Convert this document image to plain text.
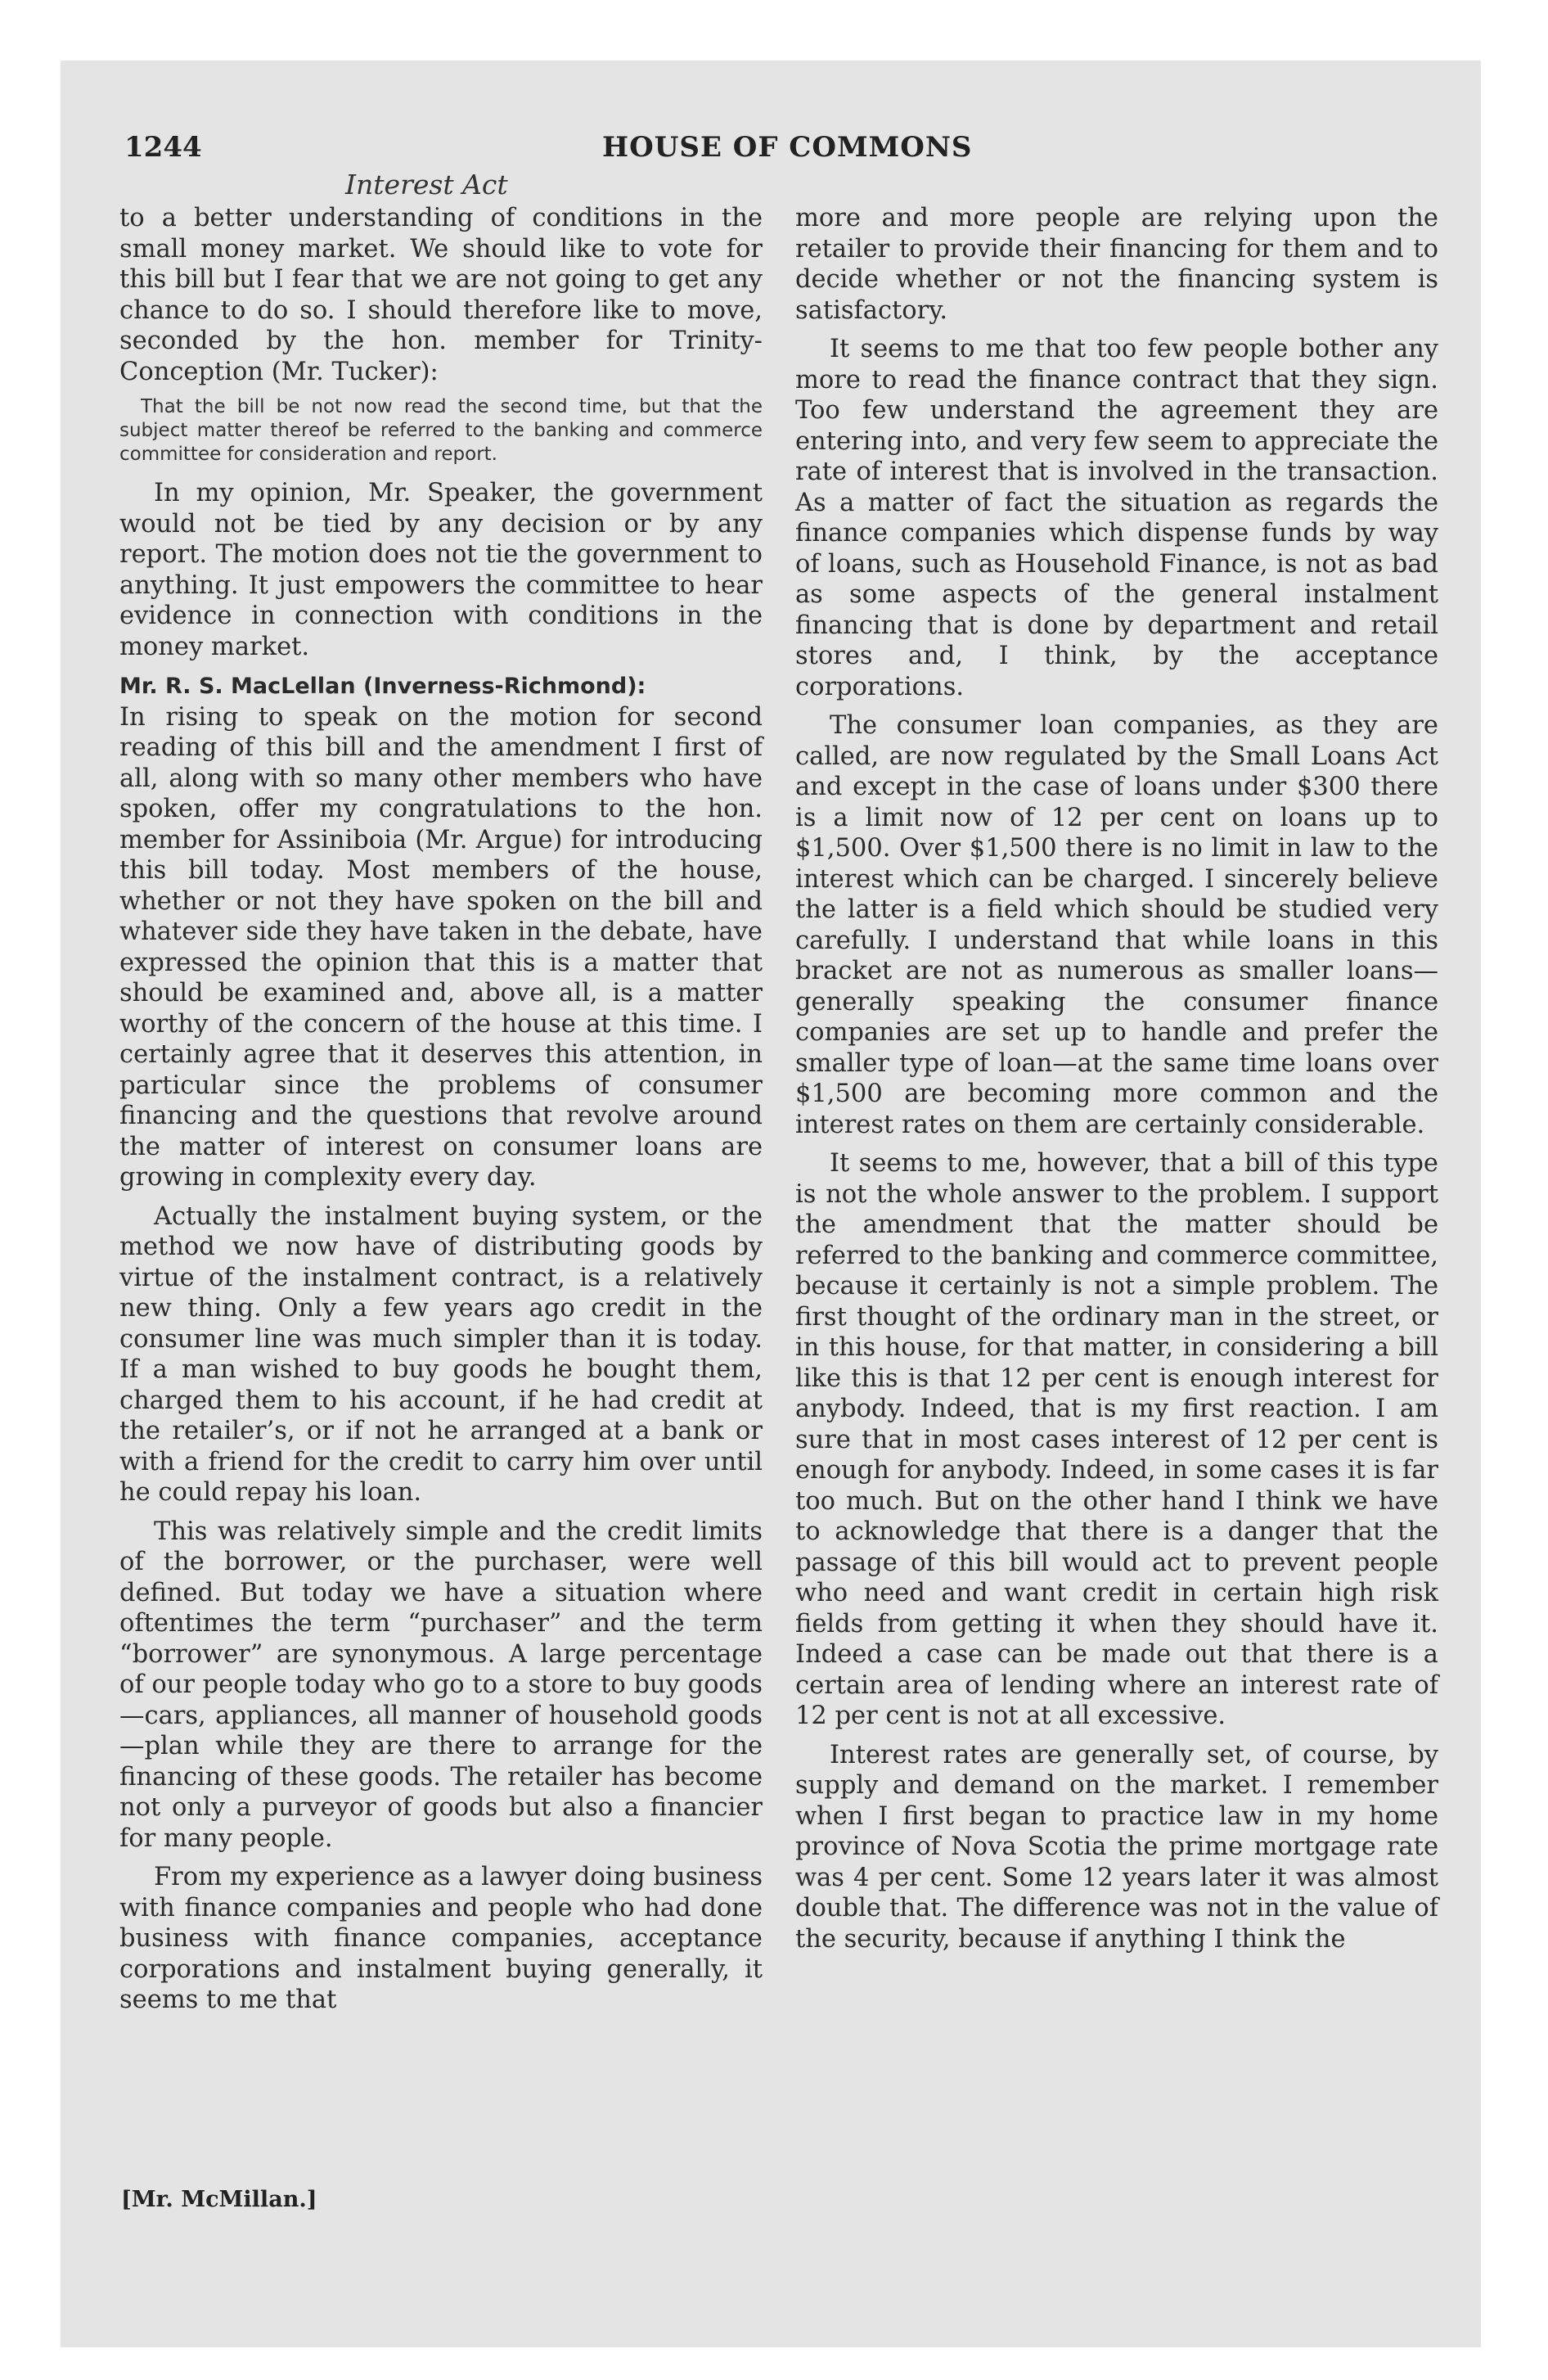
1244	HOUSE OF COMMONS
Interest Act

to a better understanding of conditions in the small money market. We should like to vote for this bill but I fear that we are not going to get any chance to do so. I should therefore like to move, seconded by the hon. member for Trinity-Conception (Mr. Tucker):

That the bill be not now read the second time, but that the subject matter thereof be referred to the banking and commerce committee for consideration and report.

In my opinion, Mr. Speaker, the government would not be tied by any decision or by any report. The motion does not tie the government to anything. It just empowers the committee to hear evidence in connection with conditions in the money market.

Mr. R. S. MacLellan (Inverness-Richmond):

In rising to speak on the motion for second reading of this bill and the amendment I first of all, along with so many other members who have spoken, offer my congratulations to the hon. member for Assiniboia (Mr. Argue) for introducing this bill today. Most members of the house, whether or not they have spoken on the bill and whatever side they have taken in the debate, have expressed the opinion that this is a matter that should be examined and, above all, is a matter worthy of the concern of the house at this time. I certainly agree that it deserves this attention, in particular since the problems of consumer financing and the questions that revolve around the matter of interest on consumer loans are growing in complexity every day.

Actually the instalment buying system, or the method we now have of distributing goods by virtue of the instalment contract, is a relatively new thing. Only a few years ago credit in the consumer line was much simpler than it is today. If a man wished to buy goods he bought them, charged them to his account, if he had credit at the retailer’s, or if not he arranged at a bank or with a friend for the credit to carry him over until he could repay his loan.

This was relatively simple and the credit limits of the borrower, or the purchaser, were well defined. But today we have a situation where oftentimes the term “purchaser” and the term “borrower” are synonymous. A large percentage of our people today who go to a store to buy goods—cars, appliances, all manner of household goods—plan while they are there to arrange for the financing of these goods. The retailer has become not only a purveyor of goods but also a financier for many people.

From my experience as a lawyer doing business with finance companies and people who had done business with finance companies, acceptance corporations and instalment buying generally, it seems to me that

more and more people are relying upon the retailer to provide their financing for them and to decide whether or not the financing system is satisfactory.

It seems to me that too few people bother any more to read the finance contract that they sign. Too few understand the agreement they are entering into, and very few seem to appreciate the rate of interest that is involved in the transaction. As a matter of fact the situation as regards the finance companies which dispense funds by way of loans, such as Household Finance, is not as bad as some aspects of the general instalment financing that is done by department and retail stores and, I think, by the acceptance corporations.

The consumer loan companies, as they are called, are now regulated by the Small Loans Act and except in the case of loans under $300 there is a limit now of 12 per cent on loans up to $1,500. Over $1,500 there is no limit in law to the interest which can be charged. I sincerely believe the latter is a field which should be studied very carefully. I understand that while loans in this bracket are not as numerous as smaller loans—generally speaking the consumer finance companies are set up to handle and prefer the smaller type of loan—at the same time loans over $1,500 are becoming more common and the interest rates on them are certainly considerable.

It seems to me, however, that a bill of this type is not the whole answer to the problem. I support the amendment that the matter should be referred to the banking and commerce committee, because it certainly is not a simple problem. The first thought of the ordinary man in the street, or in this house, for that matter, in considering a bill like this is that 12 per cent is enough interest for anybody. Indeed, that is my first reaction. I am sure that in most cases interest of 12 per cent is enough for anybody. Indeed, in some cases it is far too much. But on the other hand I think we have to acknowledge that there is a danger that the passage of this bill would act to prevent people who need and want credit in certain high risk fields from getting it when they should have it. Indeed a case can be made out that there is a certain area of lending where an interest rate of 12 per cent is not at all excessive.

Interest rates are generally set, of course, by supply and demand on the market. I remember when I first began to practice law in my home province of Nova Scotia the prime mortgage rate was 4 per cent. Some 12 years later it was almost double that. The difference was not in the value of the security, because if anything I think the

[Mr. McMillan.]
